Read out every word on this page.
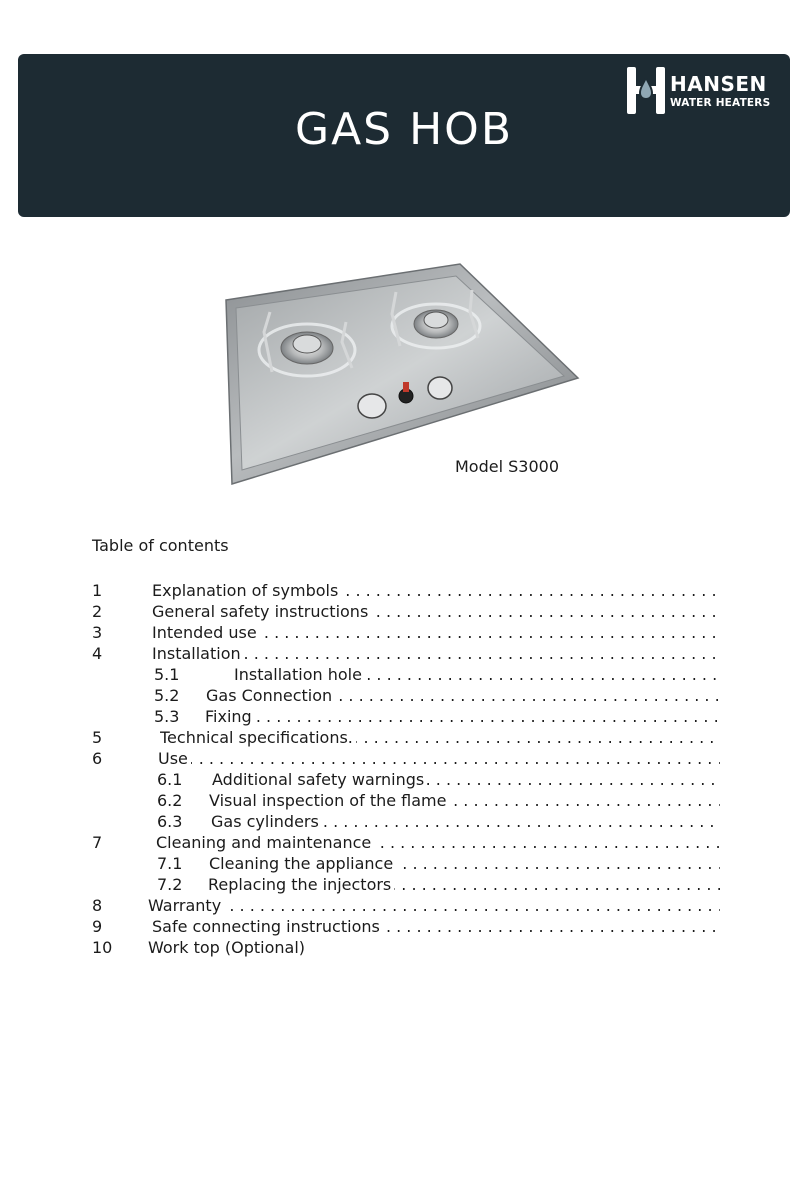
GAS HOB
HANSEN
WATER HEATERS
Model S3000
Table of contents
1	Explanation of symbols . . .
2	General safety instructions . . .
3	Intended use . . .
4	Installation . . .
5.1	Installation hole . . .
5.2 Gas Connection . . .
5.3 Fixing . . .
5	Technical specifications. . . .
6	Use . . .
6.1 Additional safety warnings . . .
6.2 Visual inspection of the flame . . .
6.3 Gas cylinders . . .
7	Cleaning and maintenance . . .
7.1 Cleaning the appliance . . .
7.2 Replacing the injectors . . .
8	Warranty . . .
9	Safe connecting instructions . . .
10 Work top (Optional)
